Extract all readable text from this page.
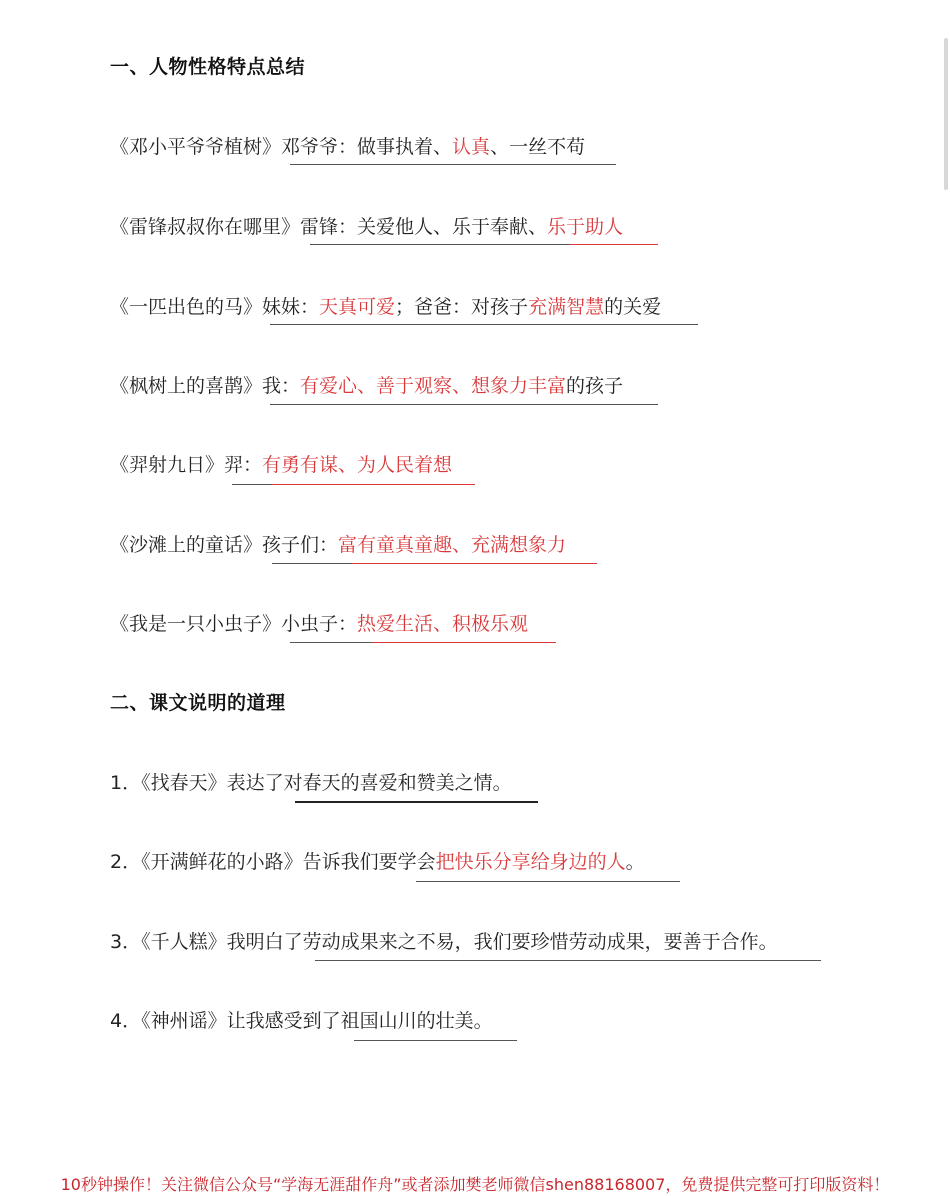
一、人物性格特点总结
《邓小平爷爷植树》邓爷爷：做事执着、认真、一丝不苟
《雷锋叔叔你在哪里》雷锋：关爱他人、乐于奉献、乐于助人
《一匹出色的马》妹妹：天真可爱；爸爸：对孩子充满智慧的关爱
《枫树上的喜鹊》我：有爱心、善于观察、想象力丰富的孩子
《羿射九日》羿：有勇有谋、为人民着想
《沙滩上的童话》孩子们：富有童真童趣、充满想象力
《我是一只小虫子》小虫子：热爱生活、积极乐观
二、课文说明的道理
1．《找春天》表达了对春天的喜爱和赞美之情。
2．《开满鲜花的小路》告诉我们要学会把快乐分享给身边的人。
3．《千人糕》我明白了劳动成果来之不易，我们要珍惜劳动成果，要善于合作。
4．《神州谣》让我感受到了祖国山川的壮美。
10秒钟操作！关注微信公众号“学海无涯甜作舟”或者添加樊老师微信shen88168007，免费提供完整可打印版资料！
